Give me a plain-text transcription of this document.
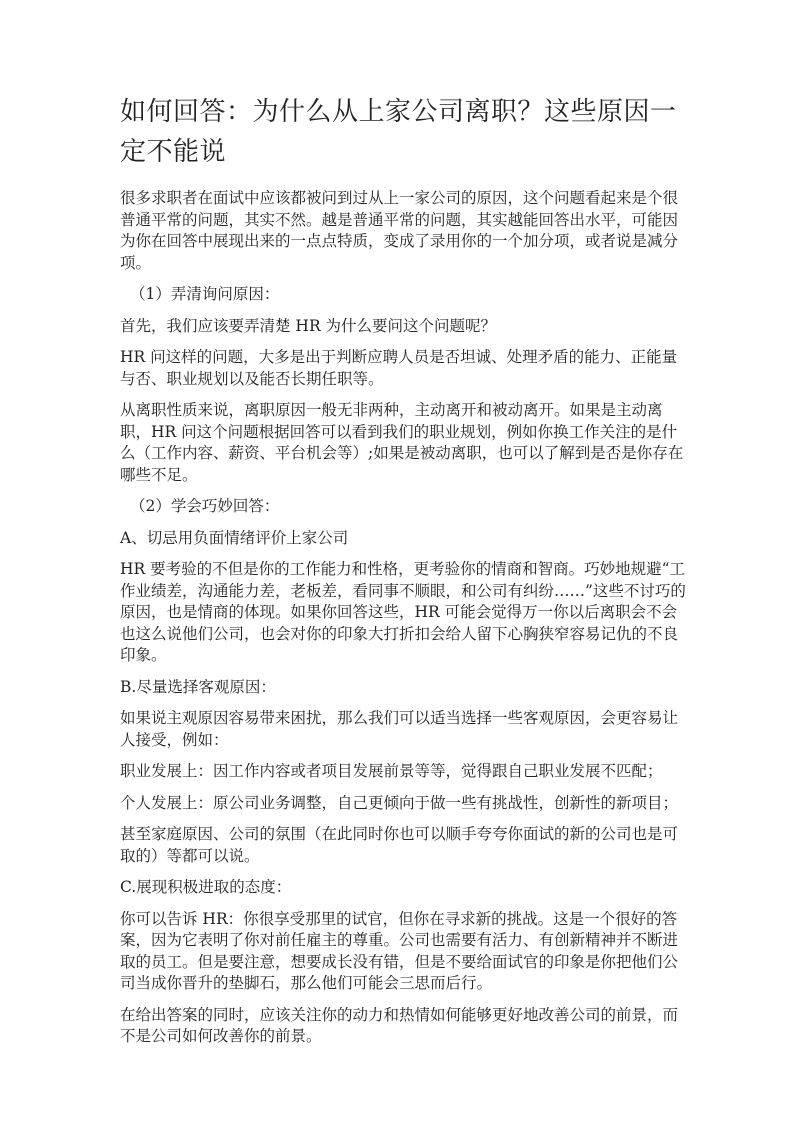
如何回答：为什么从上家公司离职？这些原因一定不能说

很多求职者在面试中应该都被问到过从上一家公司的原因，这个问题看起来是个很普通平常的问题，其实不然。越是普通平常的问题，其实越能回答出水平，可能因为你在回答中展现出来的一点点特质，变成了录用你的一个加分项，或者说是减分项。

（1）弄清询问原因：

首先，我们应该要弄清楚 HR 为什么要问这个问题呢？

HR 问这样的问题，大多是出于判断应聘人员是否坦诚、处理矛盾的能力、正能量与否、职业规划以及能否长期任职等。

从离职性质来说，离职原因一般无非两种，主动离开和被动离开。如果是主动离职，HR 问这个问题根据回答可以看到我们的职业规划，例如你换工作关注的是什么（工作内容、薪资、平台机会等）;如果是被动离职，也可以了解到是否是你存在哪些不足。

（2）学会巧妙回答：

A、切忌用负面情绪评价上家公司

HR 要考验的不但是你的工作能力和性格，更考验你的情商和智商。巧妙地规避“工作业绩差，沟通能力差，老板差，看同事不顺眼，和公司有纠纷……”这些不讨巧的原因，也是情商的体现。如果你回答这些，HR 可能会觉得万一你以后离职会不会也这么说他们公司，也会对你的印象大打折扣会给人留下心胸狭窄容易记仇的不良印象。

B.尽量选择客观原因：

如果说主观原因容易带来困扰，那么我们可以适当选择一些客观原因，会更容易让人接受，例如：

职业发展上：因工作内容或者项目发展前景等等，觉得跟自己职业发展不匹配；

个人发展上：原公司业务调整，自己更倾向于做一些有挑战性，创新性的新项目；

甚至家庭原因、公司的氛围（在此同时你也可以顺手夸夸你面试的新的公司也是可取的）等都可以说。

C.展现积极进取的态度：

你可以告诉 HR：你很享受那里的试官，但你在寻求新的挑战。这是一个很好的答案，因为它表明了你对前任雇主的尊重。公司也需要有活力、有创新精神并不断进取的员工。但是要注意，想要成长没有错，但是不要给面试官的印象是你把他们公司当成你晋升的垫脚石，那么他们可能会三思而后行。

在给出答案的同时，应该关注你的动力和热情如何能够更好地改善公司的前景，而不是公司如何改善你的前景。
